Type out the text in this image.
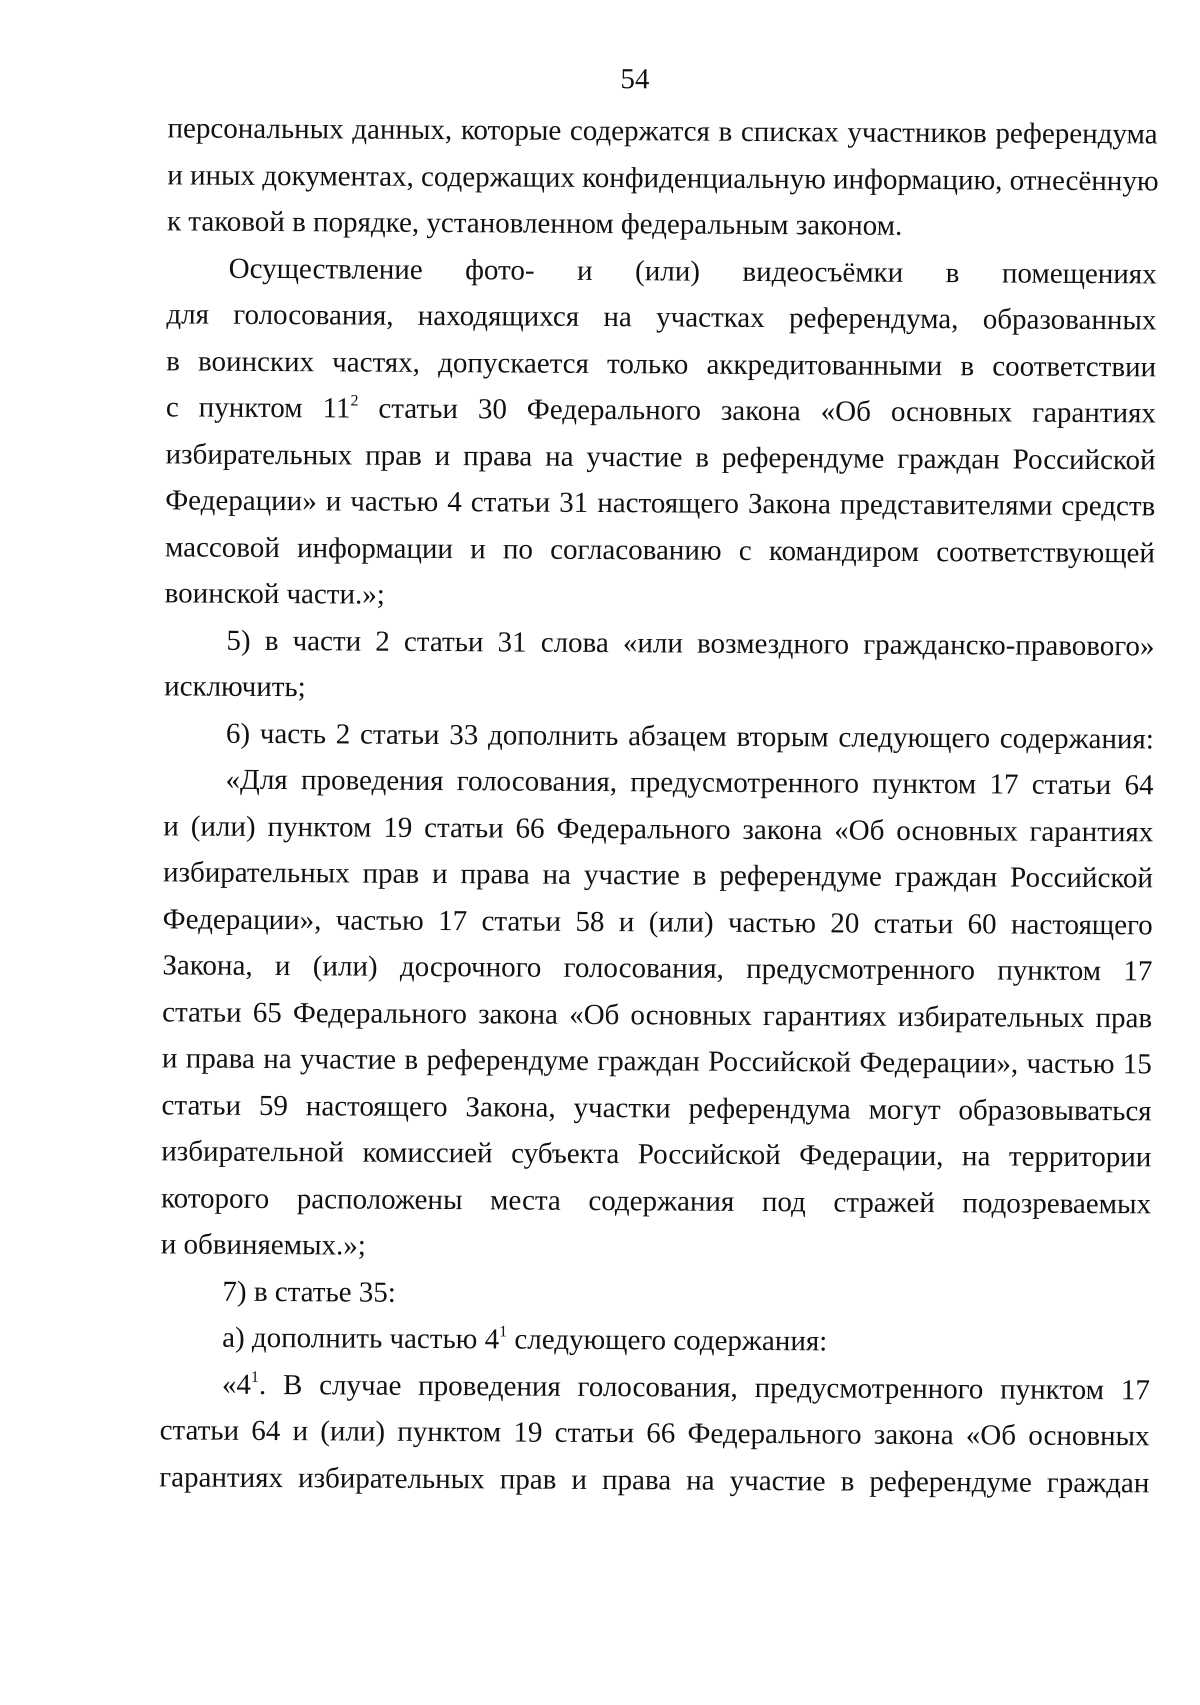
54
персональных данных, которые содержатся в списках участников референдума
и иных документах, содержащих конфиденциальную информацию, отнесённую
к таковой в порядке, установленном федеральным законом.
Осуществление фото- и (или) видеосъёмки в помещениях
для голосования, находящихся на участках референдума, образованных
в воинских частях, допускается только аккредитованными в соответствии
с пунктом $11^2$ статьи 30 Федерального закона «Об основных гарантиях
избирательных прав и права на участие в референдуме граждан Российской
Федерации» и частью 4 статьи 31 настоящего Закона представителями средств
массовой информации и по согласованию с командиром соответствующей
воинской части.»;
5) в части 2 статьи 31 слова «или возмездного гражданско-правового»
исключить;
6) часть 2 статьи 33 дополнить абзацем вторым следующего содержания:
«Для проведения голосования, предусмотренного пунктом 17 статьи 64
и (или) пунктом 19 статьи 66 Федерального закона «Об основных гарантиях
избирательных прав и права на участие в референдуме граждан Российской
Федерации», частью 17 статьи 58 и (или) частью 20 статьи 60 настоящего
Закона, и (или) досрочного голосования, предусмотренного пунктом 17
статьи 65 Федерального закона «Об основных гарантиях избирательных прав
и права на участие в референдуме граждан Российской Федерации», частью 15
статьи 59 настоящего Закона, участки референдума могут образовываться
избирательной комиссией субъекта Российской Федерации, на территории
которого расположены места содержания под стражей подозреваемых
и обвиняемых.»;
7) в статье 35:
а) дополнить частью $4^1$ следующего содержания:
«$4^1$. В случае проведения голосования, предусмотренного пунктом 17
статьи 64 и (или) пунктом 19 статьи 66 Федерального закона «Об основных
гарантиях избирательных прав и права на участие в референдуме граждан
